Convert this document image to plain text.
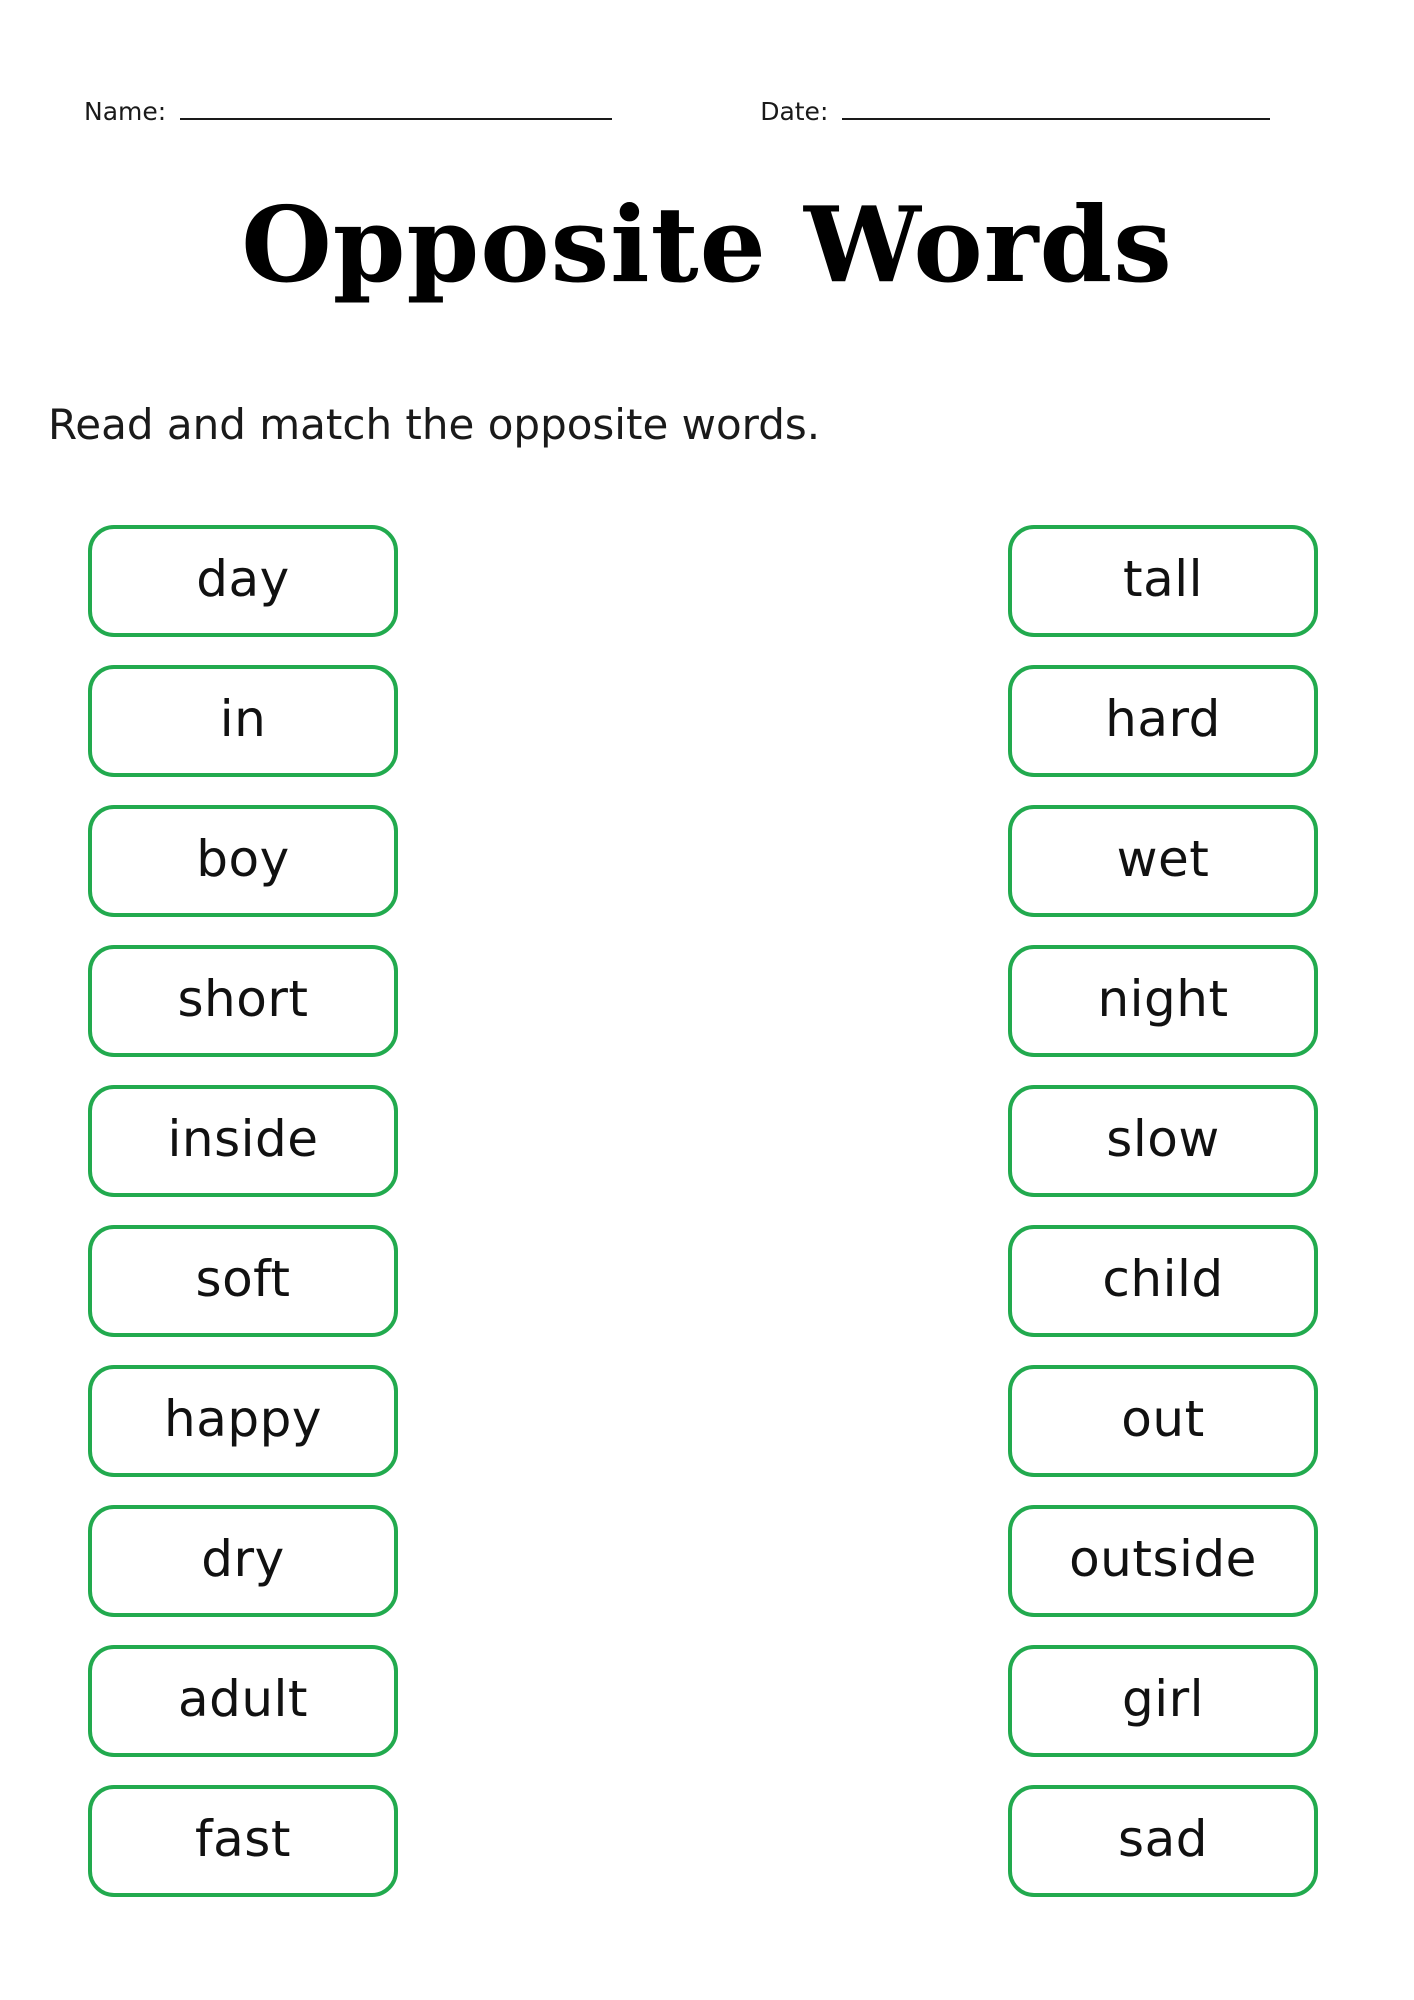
Name:	Date:
Opposite Words
Read and match the opposite words.
day
in
boy
short
inside
soft
happy
dry
adult
fast
tall
hard
wet
night
slow
child
out
outside
girl
sad
